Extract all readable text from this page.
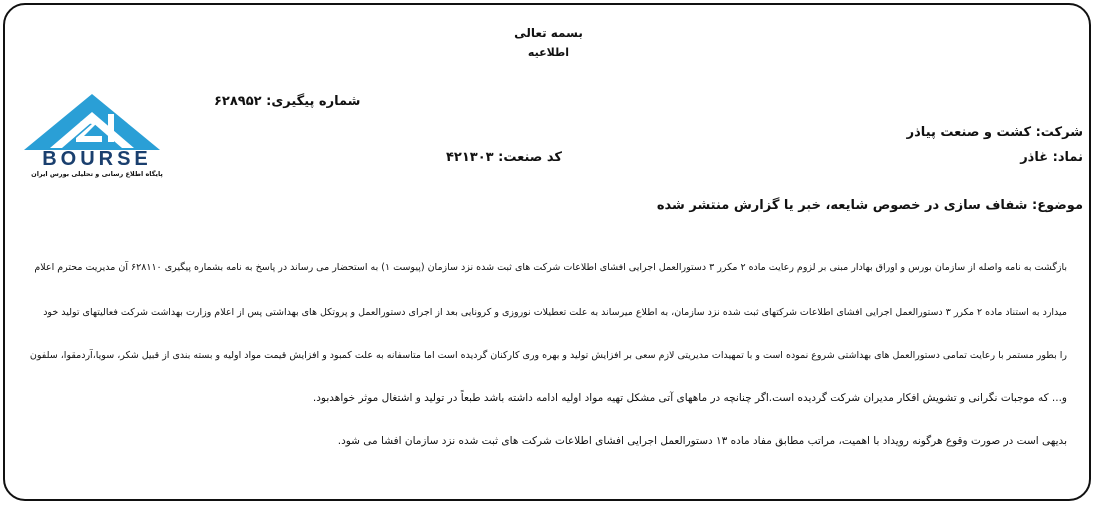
بسمه تعالی
اطلاعیه
BOURSE
پایگاه اطلاع رسانی و تحلیلی بورس ایران
شماره پیگیری: ۶۲۸۹۵۲
شرکت: کشت و صنعت پیاذر
نماد: غاذر
کد صنعت: ۴۲۱۳۰۳
موضوع: شفاف سازی در خصوص شایعه، خبر یا گزارش منتشر شده
بازگشت به نامه واصله از سازمان بورس و اوراق بهادار مبنی بر لزوم رعایت ماده ۲ مکرر ۳ دستورالعمل اجرایی افشای اطلاعات شرکت های ثبت شده نزد سازمان (پیوست ۱) به استحضار می رساند در پاسخ به نامه بشماره پیگیری ۶۲۸۱۱۰ آن مدیریت محترم اعلام
میدارد به استناد ماده ۲ مکرر ۳ دستورالعمل اجرایی افشای اطلاعات شرکتهای ثبت شده نزد سازمان، به اطلاع میرساند به علت تعطیلات نوروزی و کرونایی بعد از اجرای دستورالعمل و پروتکل های بهداشتی پس از اعلام وزارت بهداشت شرکت فعالیتهای تولید خود
را بطور مستمر با رعایت تمامی دستورالعمل های بهداشتی شروع نموده است و با تمهیدات مدیریتی لازم سعی بر افزایش تولید و بهره وری کارکنان گردیده است اما متاسفانه به علت کمبود و افزایش قیمت مواد اولیه و بسته بندی از قبیل شکر، سویا،آردمقوا، سلفون
و... که موجبات نگرانی و تشویش افکار مدیران شرکت گردیده است.اگر چنانچه در ماههای آتی مشکل تهیه مواد اولیه ادامه داشته باشد طبعاً در تولید و اشتغال موثر خواهدبود.
بدیهی است در صورت وقوع هرگونه رویداد با اهمیت، مراتب مطابق مفاد ماده ۱۳ دستورالعمل اجرایی افشای اطلاعات شرکت های ثبت شده نزد سازمان افشا می شود.
